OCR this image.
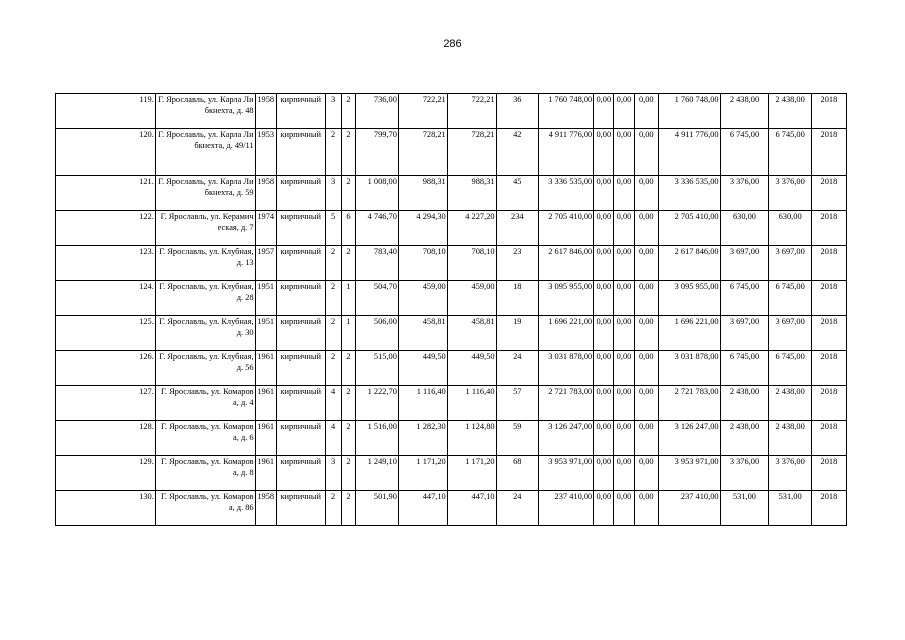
286
119.	Г. Ярославль, ул. Карла Либкнехта, д. 48	1958	кирпичный	3	2	736,00	722,21	722,21	36	1 760 748,00	0,00	0,00	0,00	1 760 748,00	2 438,00	2 438,00	2018
120.	Г. Ярославль, ул. Карла Либкнехта, д. 49/11	1953	кирпичный	2	2	799,70	728,21	728,21	42	4 911 776,00	0,00	0,00	0,00	4 911 776,00	6 745,00	6 745,00	2018
121.	Г. Ярославль, ул. Карла Либкнехта, д. 59	1958	кирпичный	3	2	1 008,00	988,31	988,31	45	3 336 535,00	0,00	0,00	0,00	3 336 535,00	3 376,00	3 376,00	2018
122.	Г. Ярославль, ул. Керамическая, д. 7	1974	кирпичный	5	6	4 746,70	4 294,30	4 227,20	234	2 705 410,00	0,00	0,00	0,00	2 705 410,00	630,00	630,00	2018
123.	Г. Ярославль, ул. Клубная, д. 13	1957	кирпичный	2	2	783,40	708,10	708,10	23	2 617 846,00	0,00	0,00	0,00	2 617 846,00	3 697,00	3 697,00	2018
124.	Г. Ярославль, ул. Клубная, д. 28	1951	кирпичный	2	1	504,70	459,00	459,00	18	3 095 955,00	0,00	0,00	0,00	3 095 955,00	6 745,00	6 745,00	2018
125.	Г. Ярославль, ул. Клубная, д. 30	1951	кирпичный	2	1	506,00	458,81	458,81	19	1 696 221,00	0,00	0,00	0,00	1 696 221,00	3 697,00	3 697,00	2018
126.	Г. Ярославль, ул. Клубная, д. 56	1961	кирпичный	2	2	515,00	449,50	449,50	24	3 031 878,00	0,00	0,00	0,00	3 031 878,00	6 745,00	6 745,00	2018
127.	Г. Ярославль, ул. Комарова, д. 4	1961	кирпичный	4	2	1 222,70	1 116,40	1 116,40	57	2 721 783,00	0,00	0,00	0,00	2 721 783,00	2 438,00	2 438,00	2018
128.	Г. Ярославль, ул. Комарова, д. 6	1961	кирпичный	4	2	1 516,00	1 282,30	1 124,80	59	3 126 247,00	0,00	0,00	0,00	3 126 247,00	2 438,00	2 438,00	2018
129.	Г. Ярославль, ул. Комарова, д. 8	1961	кирпичный	3	2	1 249,10	1 171,20	1 171,20	68	3 953 971,00	0,00	0,00	0,00	3 953 971,00	3 376,00	3 376,00	2018
130.	Г. Ярославль, ул. Комарова, д. 86	1958	кирпичный	2	2	501,90	447,10	447,10	24	237 410,00	0,00	0,00	0,00	237 410,00	531,00	531,00	2018
